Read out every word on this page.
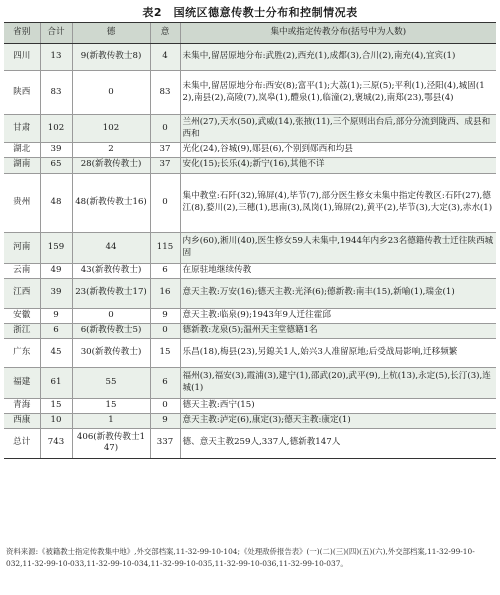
表2　国统区德意传教士分布和控制情况表
省别	合计	德	意	集中或指定传教分布(括号中为人数)
四川	13	9(新教传教士8)	4	未集中,留居原地分布:武胜(2),西充(1),成都(3),合川(2),南充(4),宜宾(1)
陕西	83	0	83	未集中,留居原地分布:西安(8);富平(1);大荔(1);三原(5);平利(1),泾阳(4),城固(12),南县(2),高陵(7),岚皋(1),醴泉(1),临潼(2),褒城(2),南郑(23),鄂县(4)
甘肃	102	102	0	兰州(27),天水(50),武威(14),张掖(11),三个原则出台后,部分分流到陇西、成县和西和
湖北	39	2	37	光化(24),谷城(9),郧县(6),个别到郧西和均县
湖南	65	28(新教传教士)	37	安化(15);长乐(4);新宁(16),其他不详
贵州	48	48(新教传教士16)	0	集中教堂:石阡(32),锦屏(4),毕节(7),部分医生修女未集中指定传教区:石阡(27),德江(8),婺川(2),三穗(1),思南(3),凤岗(1),锦屏(2),黄平(2),毕节(3),大定(3),赤水(1)
河南	159	44	115	内乡(60),淅川(40),医生修女59人未集中,1944年内乡23名德籍传教士迁往陕西城固
云南	49	43(新教传教士)	6	在原驻地继续传教
江西	39	23(新教传教士17)	16	意天主教:万安(16);德天主教:光泽(6);德新教:南丰(15),新喻(1),瑞金(1)
安徽	9	0	9	意天主教:临泉(9);1943年9人迁往霍邱
浙江	6	6(新教传教士5)	0	德新教:龙泉(5);温州天主堂德籍1名
广东	45	30(新教传教士)	15	乐昌(18),梅县(23),另鎴关1人,始兴3人准留原地;后受战局影响,迁移频繁
福建	61	55	6	福州(3),福安(3),霞浦(3),建宁(1),邵武(20),武平(9),上杭(13),永定(5),长汀(3),连城(1)
青海	15	15	0	德天主教:西宁(15)
西康	10	1	9	意天主教:泸定(6),康定(3);德天主教:康定(1)
总计	743	406(新教传教士147)	337	德、意天主教259人,337人,德新教147人
资料来源:《被籍教士指定传教集中地》,外交部档案,11-32-99-10-104;《处理敌侨报告表》(一)(二)(三)(四)(五)(六),外交部档案,11-32-99-10-032,11-32-99-10-033,11-32-99-10-034,11-32-99-10-035,11-32-99-10-036,11-32-99-10-037。
